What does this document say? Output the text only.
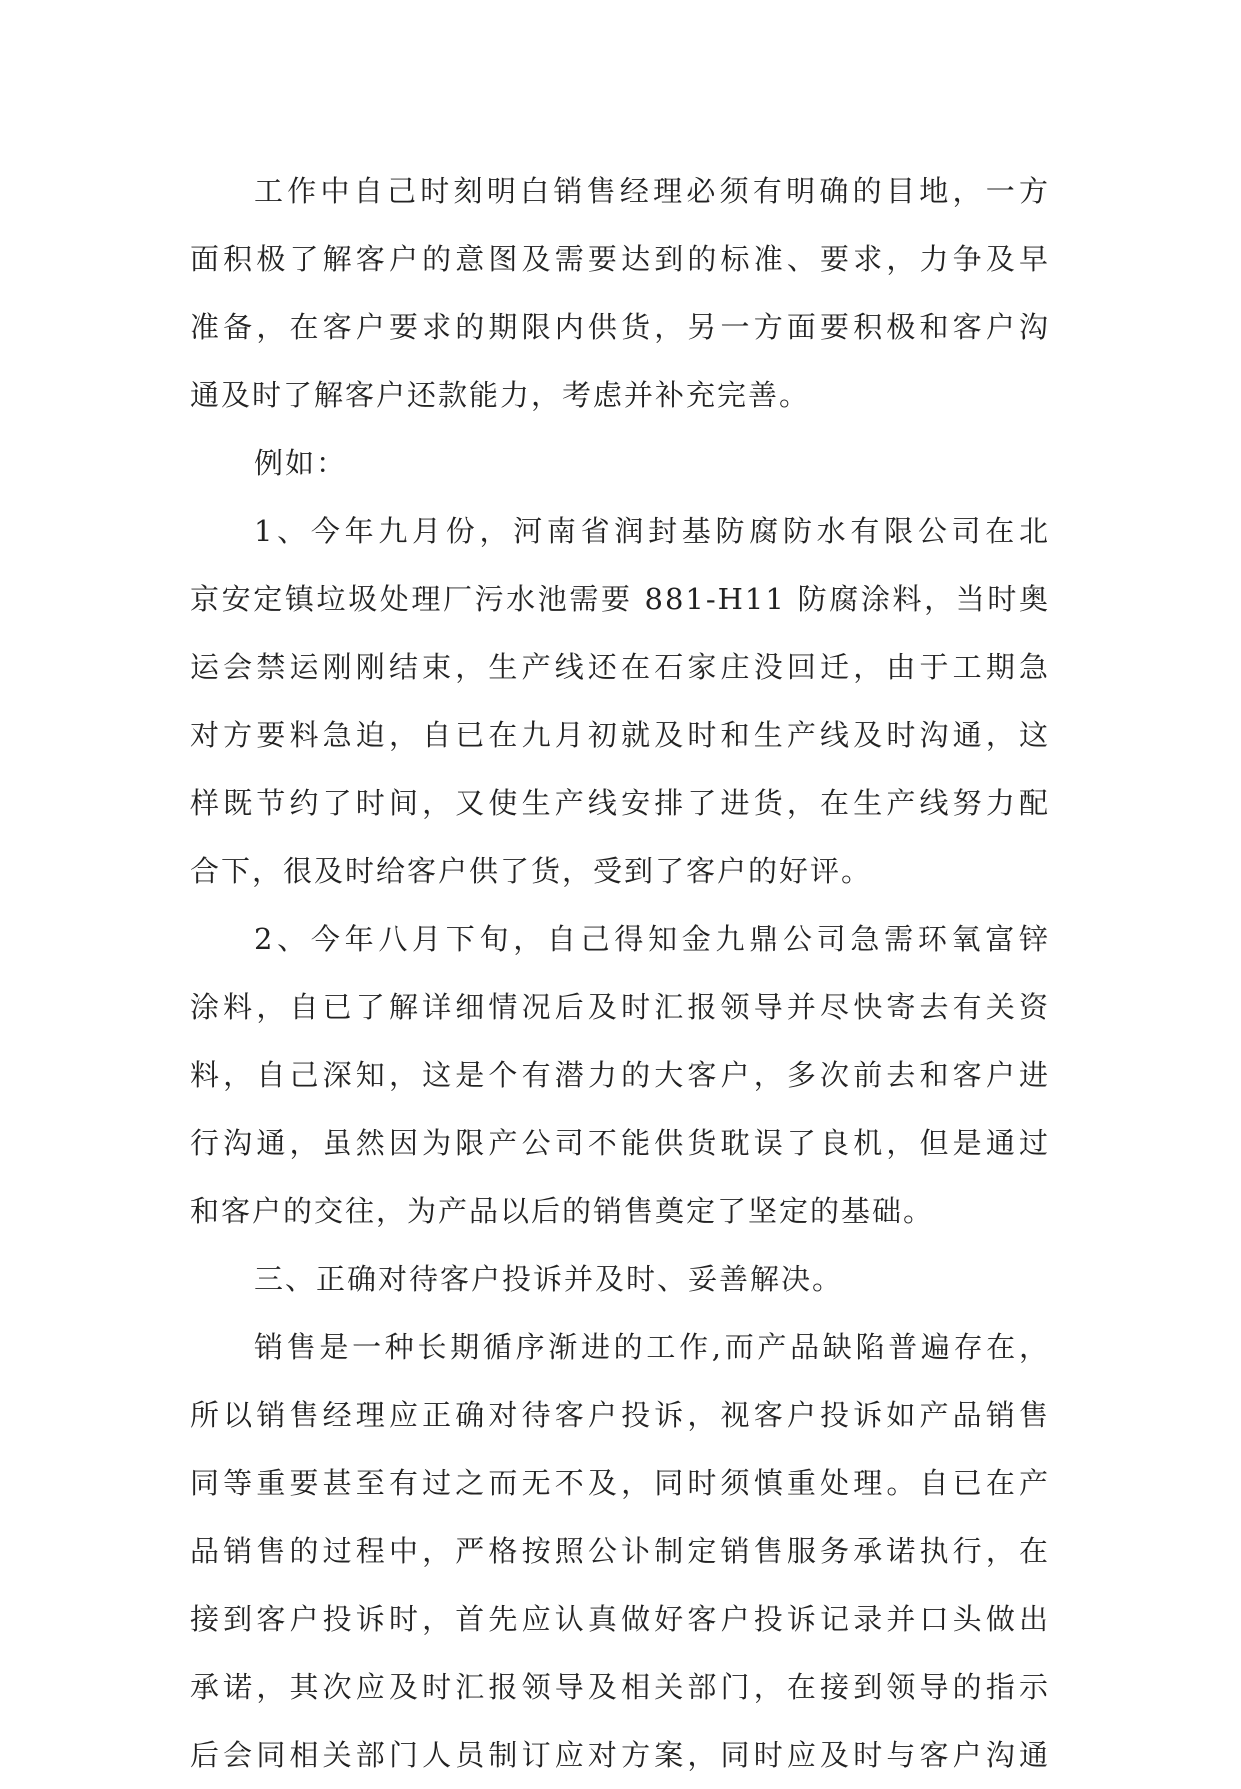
工作中自己时刻明白销售经理必须有明确的目地，一方
面积极了解客户的意图及需要达到的标准、要求，力争及早
准备，在客户要求的期限内供货，另一方面要积极和客户沟
通及时了解客户还款能力，考虑并补充完善。
例如：
1、今年九月份，河南省润封基防腐防水有限公司在北
京安定镇垃圾处理厂污水池需要 881-H11 防腐涂料，当时奥
运会禁运刚刚结束，生产线还在石家庄没回迁，由于工期急
对方要料急迫，自已在九月初就及时和生产线及时沟通，这
样既节约了时间，又使生产线安排了进货，在生产线努力配
合下，很及时给客户供了货，受到了客户的好评。
2、今年八月下旬，自己得知金九鼎公司急需环氧富锌
涂料，自已了解详细情况后及时汇报领导并尽快寄去有关资
料，自己深知，这是个有潜力的大客户，多次前去和客户进
行沟通，虽然因为限产公司不能供货耽误了良机，但是通过
和客户的交往，为产品以后的销售奠定了坚定的基础。
三、正确对待客户投诉并及时、妥善解决。
销售是一种长期循序渐进的工作,而产品缺陷普遍存在，
所以销售经理应正确对待客户投诉，视客户投诉如产品销售
同等重要甚至有过之而无不及，同时须慎重处理。自已在产
品销售的过程中，严格按照公讣制定销售服务承诺执行，在
接到客户投诉时，首先应认真做好客户投诉记录并口头做出
承诺，其次应及时汇报领导及相关部门，在接到领导的指示
后会同相关部门人员制订应对方案，同时应及时与客户沟通
